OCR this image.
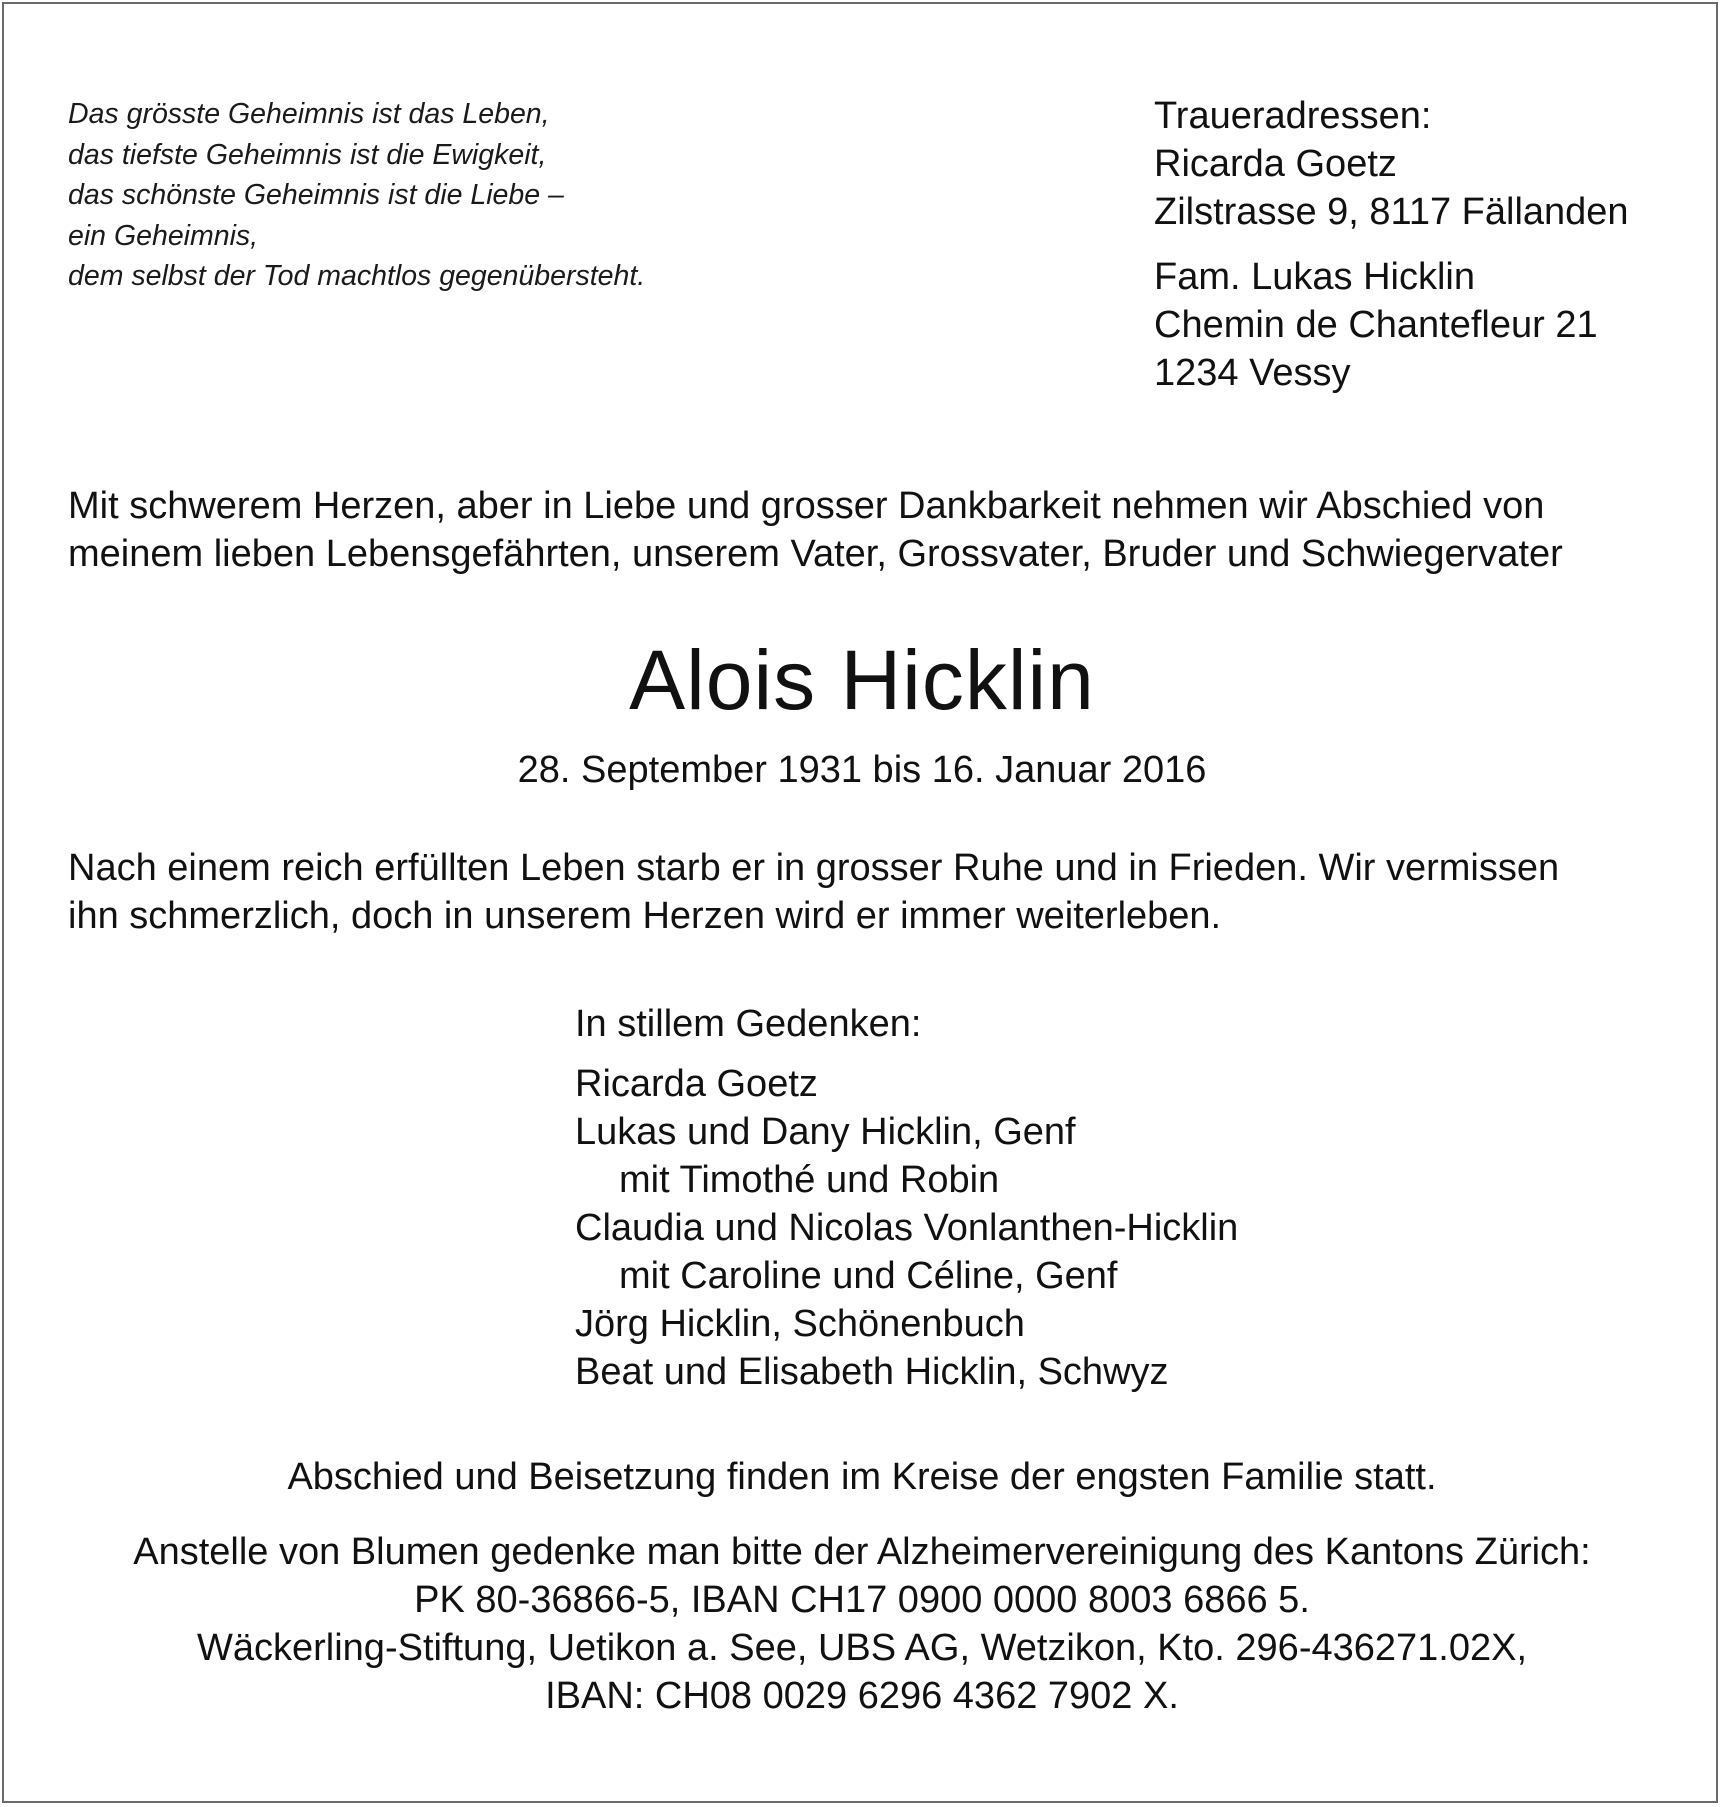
Das grösste Geheimnis ist das Leben,
das tiefste Geheimnis ist die Ewigkeit,
das schönste Geheimnis ist die Liebe –
ein Geheimnis,
dem selbst der Tod machtlos gegenübersteht.
Traueradressen:
Ricarda Goetz
Zilstrasse 9, 8117 Fällanden
Fam. Lukas Hicklin
Chemin de Chantefleur 21
1234 Vessy
Mit schwerem Herzen, aber in Liebe und grosser Dankbarkeit nehmen wir Abschied von
meinem lieben Lebensgefährten, unserem Vater, Grossvater, Bruder und Schwiegervater
Alois Hicklin
28. September 1931 bis 16. Januar 2016
Nach einem reich erfüllten Leben starb er in grosser Ruhe und in Frieden. Wir vermissen
ihn schmerzlich, doch in unserem Herzen wird er immer weiterleben.
In stillem Gedenken:
Ricarda Goetz
Lukas und Dany Hicklin, Genf
mit Timothé und Robin
Claudia und Nicolas Vonlanthen-Hicklin
mit Caroline und Céline, Genf
Jörg Hicklin, Schönenbuch
Beat und Elisabeth Hicklin, Schwyz
Abschied und Beisetzung finden im Kreise der engsten Familie statt.
Anstelle von Blumen gedenke man bitte der Alzheimervereinigung des Kantons Zürich:
PK 80-36866-5, IBAN CH17 0900 0000 8003 6866 5.
Wäckerling-Stiftung, Uetikon a. See, UBS AG, Wetzikon, Kto. 296-436271.02X,
IBAN: CH08 0029 6296 4362 7902 X.
